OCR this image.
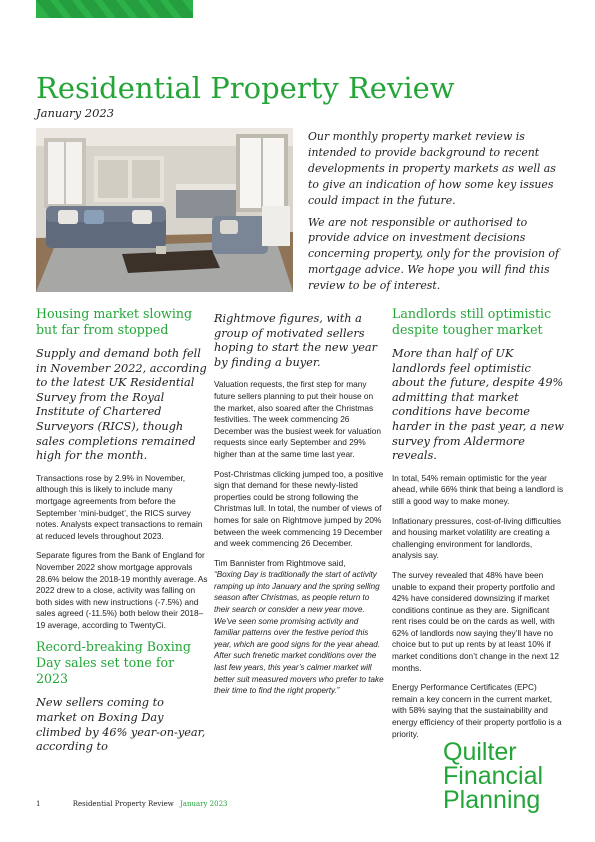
Residential Property Review
January 2023

Our monthly property market review is intended to provide background to recent developments in property markets as well as to give an indication of how some key issues could impact in the future.

We are not responsible or authorised to provide advice on investment decisions concerning property, only for the provision of mortgage advice. We hope you will find this review to be of interest.

Housing market slowing but far from stopped

Supply and demand both fell in November 2022, according to the latest UK Residential Survey from the Royal Institute of Chartered Surveyors (RICS), though sales completions remained high for the month.

Transactions rose by 2.9% in November, although this is likely to include many mortgage agreements from before the September ‘mini-budget’, the RICS survey notes. Analysts expect transactions to remain at reduced levels throughout 2023.

Separate figures from the Bank of England for November 2022 show mortgage approvals 28.6% below the 2018-19 monthly average. As 2022 drew to a close, activity was falling on both sides with new instructions (-7.5%) and sales agreed (-11.5%) both below their 2018–19 average, according to TwentyCi.

Record-breaking Boxing Day sales set tone for 2023

New sellers coming to market on Boxing Day climbed by 46% year-on-year, according to

Rightmove figures, with a group of motivated sellers hoping to start the new year by finding a buyer.

Valuation requests, the first step for many future sellers planning to put their house on the market, also soared after the Christmas festivities. The week commencing 26 December was the busiest week for valuation requests since early September and 29% higher than at the same time last year.

Post-Christmas clicking jumped too, a positive sign that demand for these newly-listed properties could be strong following the Christmas lull. In total, the number of views of homes for sale on Rightmove jumped by 20% between the week commencing 19 December and week commencing 26 December.

Tim Bannister from Rightmove said,

“Boxing Day is traditionally the start of activity ramping up into January and the spring selling season after Christmas, as people return to their search or consider a new year move. We’ve seen some promising activity and familiar patterns over the festive period this year, which are good signs for the year ahead. After such frenetic market conditions over the last few years, this year’s calmer market will better suit measured movers who prefer to take their time to find the right property.”

Landlords still optimistic despite tougher market

More than half of UK landlords feel optimistic about the future, despite 49% admitting that market conditions have become harder in the past year, a new survey from Aldermore reveals.

In total, 54% remain optimistic for the year ahead, while 66% think that being a landlord is still a good way to make money.

Inflationary pressures, cost-of-living difficulties and housing market volatility are creating a challenging environment for landlords, analysis say.

The survey revealed that 48% have been unable to expand their property portfolio and 42% have considered downsizing if market conditions continue as they are. Significant rent rises could be on the cards as well, with 62% of landlords now saying they’ll have no choice but to put up rents by at least 10% if market conditions don’t change in the next 12 months.

Energy Performance Certificates (EPC) remain a key concern in the current market, with 58% saying that the sustainability and energy efficiency of their property portfolio is a priority.

Quilter
Financial
Planning
1	Residential Property Review January 2023
